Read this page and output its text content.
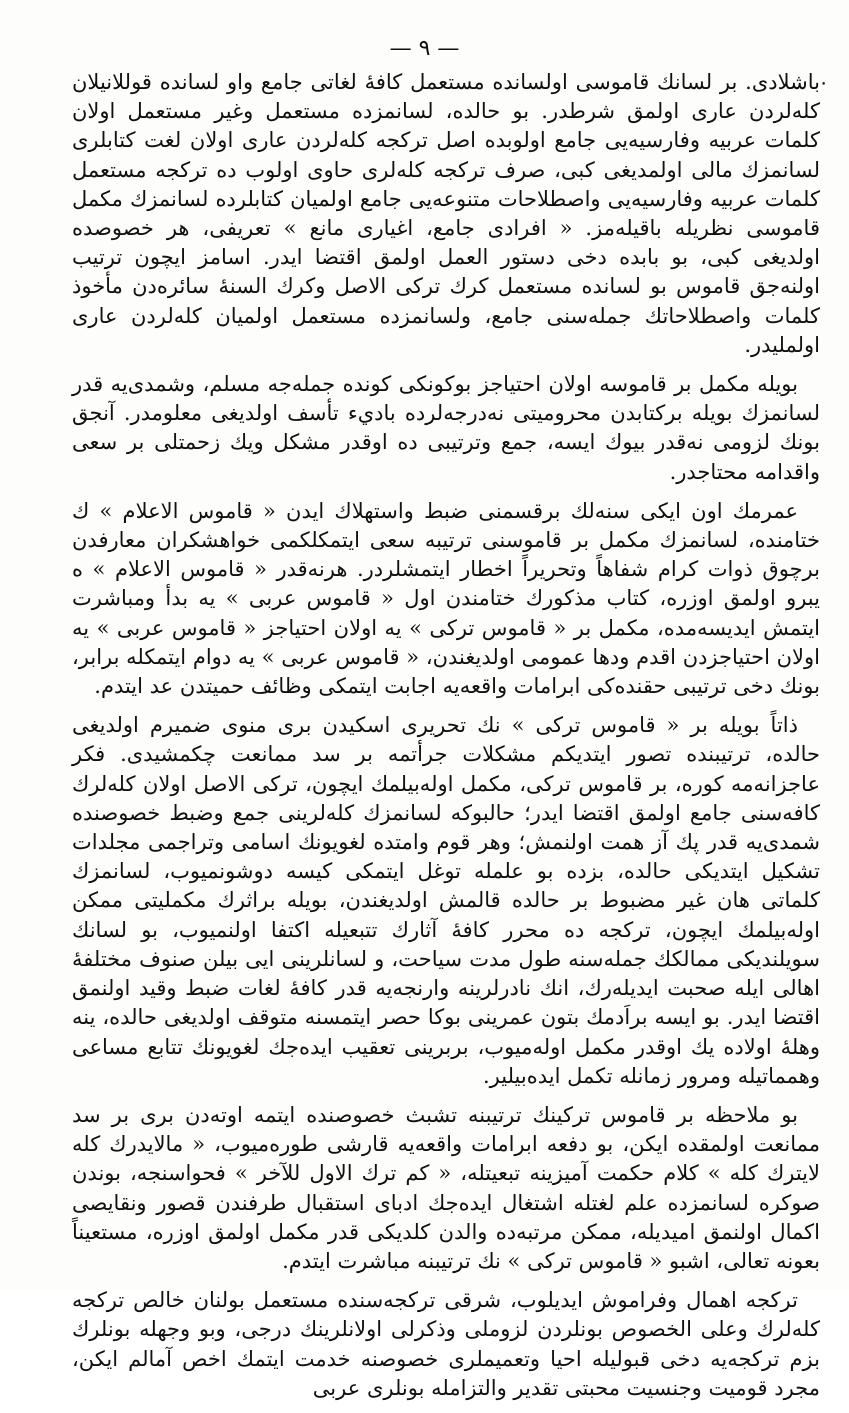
— ٩ —
٠

باشلادى. بر لسانك قاموسى اولسانده مستعمل كافۀ لغاتى جامع واو لسانده قوللانيلان كلەلردن عارى اولمق شرطدر. بو حالده، لسانمزده مستعمل وغير مستعمل اولان كلمات عربيه وفارسيەيى جامع اولوبده اصل تركجه كلەلردن عارى اولان لغت كتابلرى لسانمزك مالى اولمديغى كبى، صرف تركجه كلەلرى حاوى اولوب ده تركجه مستعمل كلمات عربيه وفارسيەيى واصطلاحات متنوعەيى جامع اولميان كتابلرده لسانمزك مكمل قاموسى نظريله باقيلەمز. « افرادى جامع، اغيارى مانع » تعريفى، هر خصوصده اولديغى كبى، بو بابده دخى دستور العمل اولمق اقتضا ايدر. اسامز ايچون ترتيب اولنەجق قاموس بو لسانده مستعمل كرك تركى الاصل وكرك السنۀ سائرەدن مأخوذ كلمات واصطلاحاتك جملەسنى جامع، ولسانمزده مستعمل اولميان كلەلردن عارى اولمليدر.

بويله مكمل بر قاموسه اولان احتياجز بوكونكى كوندە جملەجه مسلم، وشمدى‌يه قدر لسانمزك بويله بركتابدن محروميتى نەدرجەلرده باديء تأسف اولديغى معلومدر. آنجق بونك لزومى نەقدر بيوك ايسه، جمع وترتيبى ده اوقدر مشكل ويك زحمتلى بر سعى واقدامه محتاجدر.

عمرمك اون ايكى سنەلك برقسمنى ضبط واستهلاك ايدن « قاموس الاعلام » ك ختامنده، لسانمزك مكمل بر قاموسنى ترتيبه سعى ايتمكلكمى خواهشكران معارفدن برچوق ذوات كرام شفاهاً وتحريراً اخطار ايتمشلردر. هرنەقدر « قاموس الاعلام » ە يبرو اولمق اوزره، كتاب مذكورك ختامندن اول « قاموس عربى » يه بدأ ومباشرت ايتمش ايديسەمده، مكمل بر « قاموس تركى » يه اولان احتياجز « قاموس عربى » يه اولان احتياجزدن اقدم ودها عمومى اولديغندن، « قاموس عربى » يه دوام ايتمكله برابر، بونك دخى ترتيبى حقندەكى ابرامات واقعەيه اجابت ايتمكى وظائف حميتدن عد ايتدم.

ذاتاً بويله بر « قاموس تركى » نك تحريرى اسكيدن برى منوى ضميرم اولديغى حالده، ترتيبنده تصور ايتديكم مشكلات جرأتمه بر سد ممانعت چكمشيدى. فكر عاجزانەمه كوره، بر قاموس تركى، مكمل اولەبيلمك ايچون، تركى الاصل اولان كلەلرك كافەسنى جامع اولمق اقتضا ايدر؛ حالبوكه لسانمزك كلەلرينى جمع وضبط خصوصنده شمدى‌يه قدر پك آز همت اولنمش؛ وهر قوم وامتده لغويونك اسامى وتراجمى مجلدات تشكيل ايتديكى حالده، بزده بو علمله توغل ايتمكى كيسه دوشونميوب، لسانمزك كلماتى هان غير مضبوط بر حالده قالمش اولديغندن، بويله براثرك مكمليتى ممكن اولەبيلمك ايچون، تركجه ده محرر كافۀ آثارك تتبعيله اكتفا اولنميوب، بو لسانك سويلنديكى ممالكك جملەسنه طول مدت سياحت، و لسانلرينى ايى بيلن صنوف مختلفۀ اهالى ايله صحبت ايديلەرك، انك نادرلرينه وارنجەيه قدر كافۀ لغات ضبط وقيد اولنمق اقتضا ايدر. بو ايسه براَدمك بتون عمرينى بوكا حصر ايتمسنه متوقف اولديغى حالده، ينه وهلۀ اولاده يك اوقدر مكمل اولەميوب، بربرينى تعقيب ايدەجك لغويونك تتابع مساعى وهمماتيله ومرور زمانله تكمل ايدەبيلير.

بو ملاحظه بر قاموس تركينك ترتيبنه تشبث خصوصنده ايتمه اوتەدن برى بر سد ممانعت اولمقده ايكن، بو دفعه ابرامات واقعەيه قارشى طورەميوب، « ماﻻيدرك كله ﻻيترك كله » كلام حكمت آميزينه تبعيتله، « كم ترك الاول للآخر » فحواسنجه، بوندن صوكره لسانمزده علم لغتله اشتغال ايدەجك ادباى استقبال طرفندن قصور ونقايصى اكمال اولنمق اميديله، ممكن مرتبەده والدن كلديكى قدر مكمل اولمق اوزره، مستعيناً بعونه تعالى، اشبو « قاموس تركى » نك ترتيبنه مباشرت ايتدم.

تركجه اهمال وفراموش ايديلوب، شرقى تركجەسنده مستعمل بولنان خالص تركجه كلەلرك وعلى الخصوص بونلردن لزوملى وذكرلى اولانلرينك درجى، وبو وجهله بونلرك بزم تركجەيه دخى قبوليله احيا وتعميملرى خصوصنه خدمت ايتمك اخص آمالم ايكن، مجرد قوميت وجنسيت محبتى تقدير والتزامله بونلرى عربى
